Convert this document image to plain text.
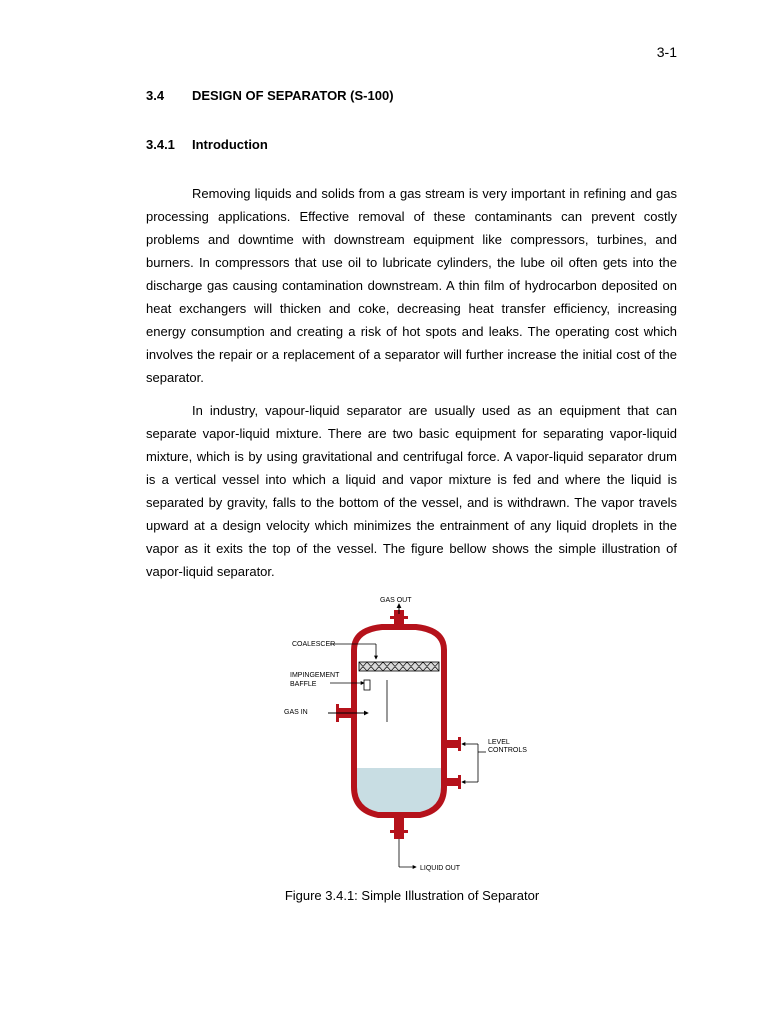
3-1
3.4 DESIGN OF SEPARATOR (S-100)
3.4.1 Introduction

Removing liquids and solids from a gas stream is very important in refining and gas processing applications. Effective removal of these contaminants can prevent costly problems and downtime with downstream equipment like compressors, turbines, and burners. In compressors that use oil to lubricate cylinders, the lube oil often gets into the discharge gas causing contamination downstream. A thin film of hydrocarbon deposited on heat exchangers will thicken and coke, decreasing heat transfer efficiency, increasing energy consumption and creating a risk of hot spots and leaks. The operating cost which involves the repair or a replacement of a separator will further increase the initial cost of the separator.

In industry, vapour-liquid separator are usually used as an equipment that can separate vapor-liquid mixture. There are two basic equipment for separating vapor-liquid mixture, which is by using gravitational and centrifugal force. A vapor-liquid separator drum is a vertical vessel into which a liquid and vapor mixture is fed and where the liquid is separated by gravity, falls to the bottom of the vessel, and is withdrawn. The vapor travels upward at a design velocity which minimizes the entrainment of any liquid droplets in the vapor as it exits the top of the vessel. The figure bellow shows the simple illustration of vapor-liquid separator.

GAS OUT
COALESCER
IMPINGEMENT
BAFFLE
GAS IN
LEVEL
CONTROLS
LIQUID OUT
Figure 3.4.1: Simple Illustration of Separator
